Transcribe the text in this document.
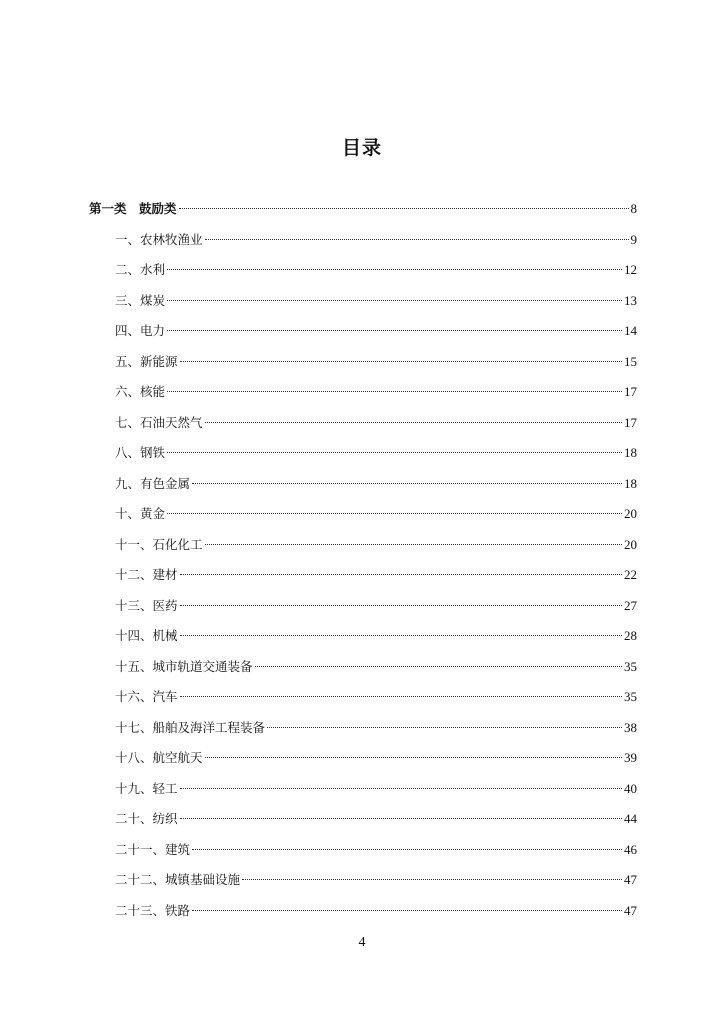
目录
第一类　鼓励类	8
一、农林牧渔业	9
二、水利	12
三、煤炭	13
四、电力	14
五、新能源	15
六、核能	17
七、石油天然气	17
八、钢铁	18
九、有色金属	18
十、黄金	20
十一、石化化工	20
十二、建材	22
十三、医药	27
十四、机械	28
十五、城市轨道交通装备	35
十六、汽车	35
十七、船舶及海洋工程装备	38
十八、航空航天	39
十九、轻工	40
二十、纺织	44
二十一、建筑	46
二十二、城镇基础设施	47
二十三、铁路	47
4
